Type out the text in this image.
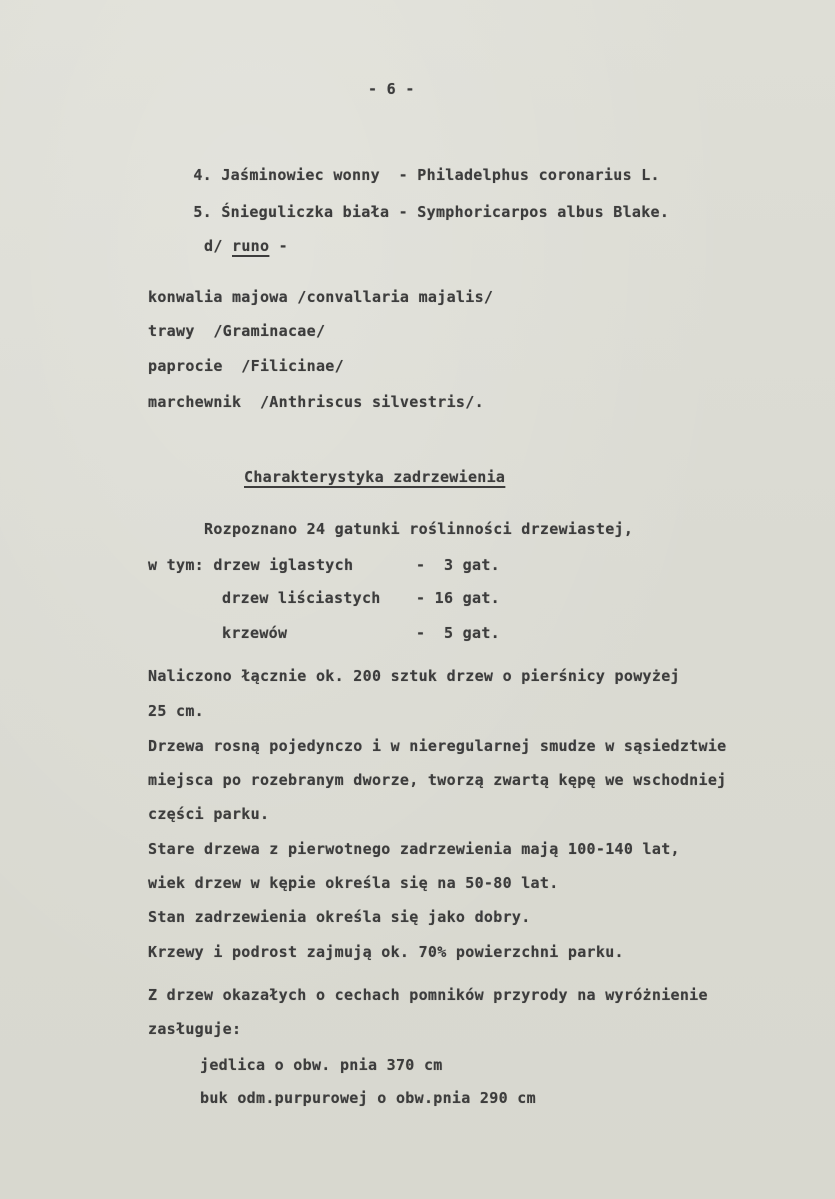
- 6 -

4. Jaśminowiec wonny  - Philadelphus coronarius L.

5. Śnieguliczka biała - Symphoricarpos albus Blake.

d/ runo -
konwalia majowa /convallaria majalis/
trawy  /Graminacae/
paprocie  /Filicinae/
marchewnik  /Anthriscus silvestris/.
Charakterystyka zadrzewienia
Rozpoznano 24 gatunki roślinności drzewiastej,
w tym: drzew iglastych	-  3 gat.
drzew liściastych - 16 gat.
krzewów	-  5 gat.
Naliczono łącznie ok. 200 sztuk drzew o pierśnicy powyżej
25 cm.
Drzewa rosną pojedynczo i w nieregularnej smudze w sąsiedztwie
miejsca po rozebranym dworze, tworzą zwartą kępę we wschodniej
części parku.
Stare drzewa z pierwotnego zadrzewienia mają 100-140 lat,
wiek drzew w kępie określa się na 50-80 lat.
Stan zadrzewienia określa się jako dobry.
Krzewy i podrost zajmują ok. 70% powierzchni parku.
Z drzew okazałych o cechach pomników przyrody na wyróżnienie
zasługuje:
jedlica o obw. pnia 370 cm
buk odm.purpurowej o obw.pnia 290 cm
